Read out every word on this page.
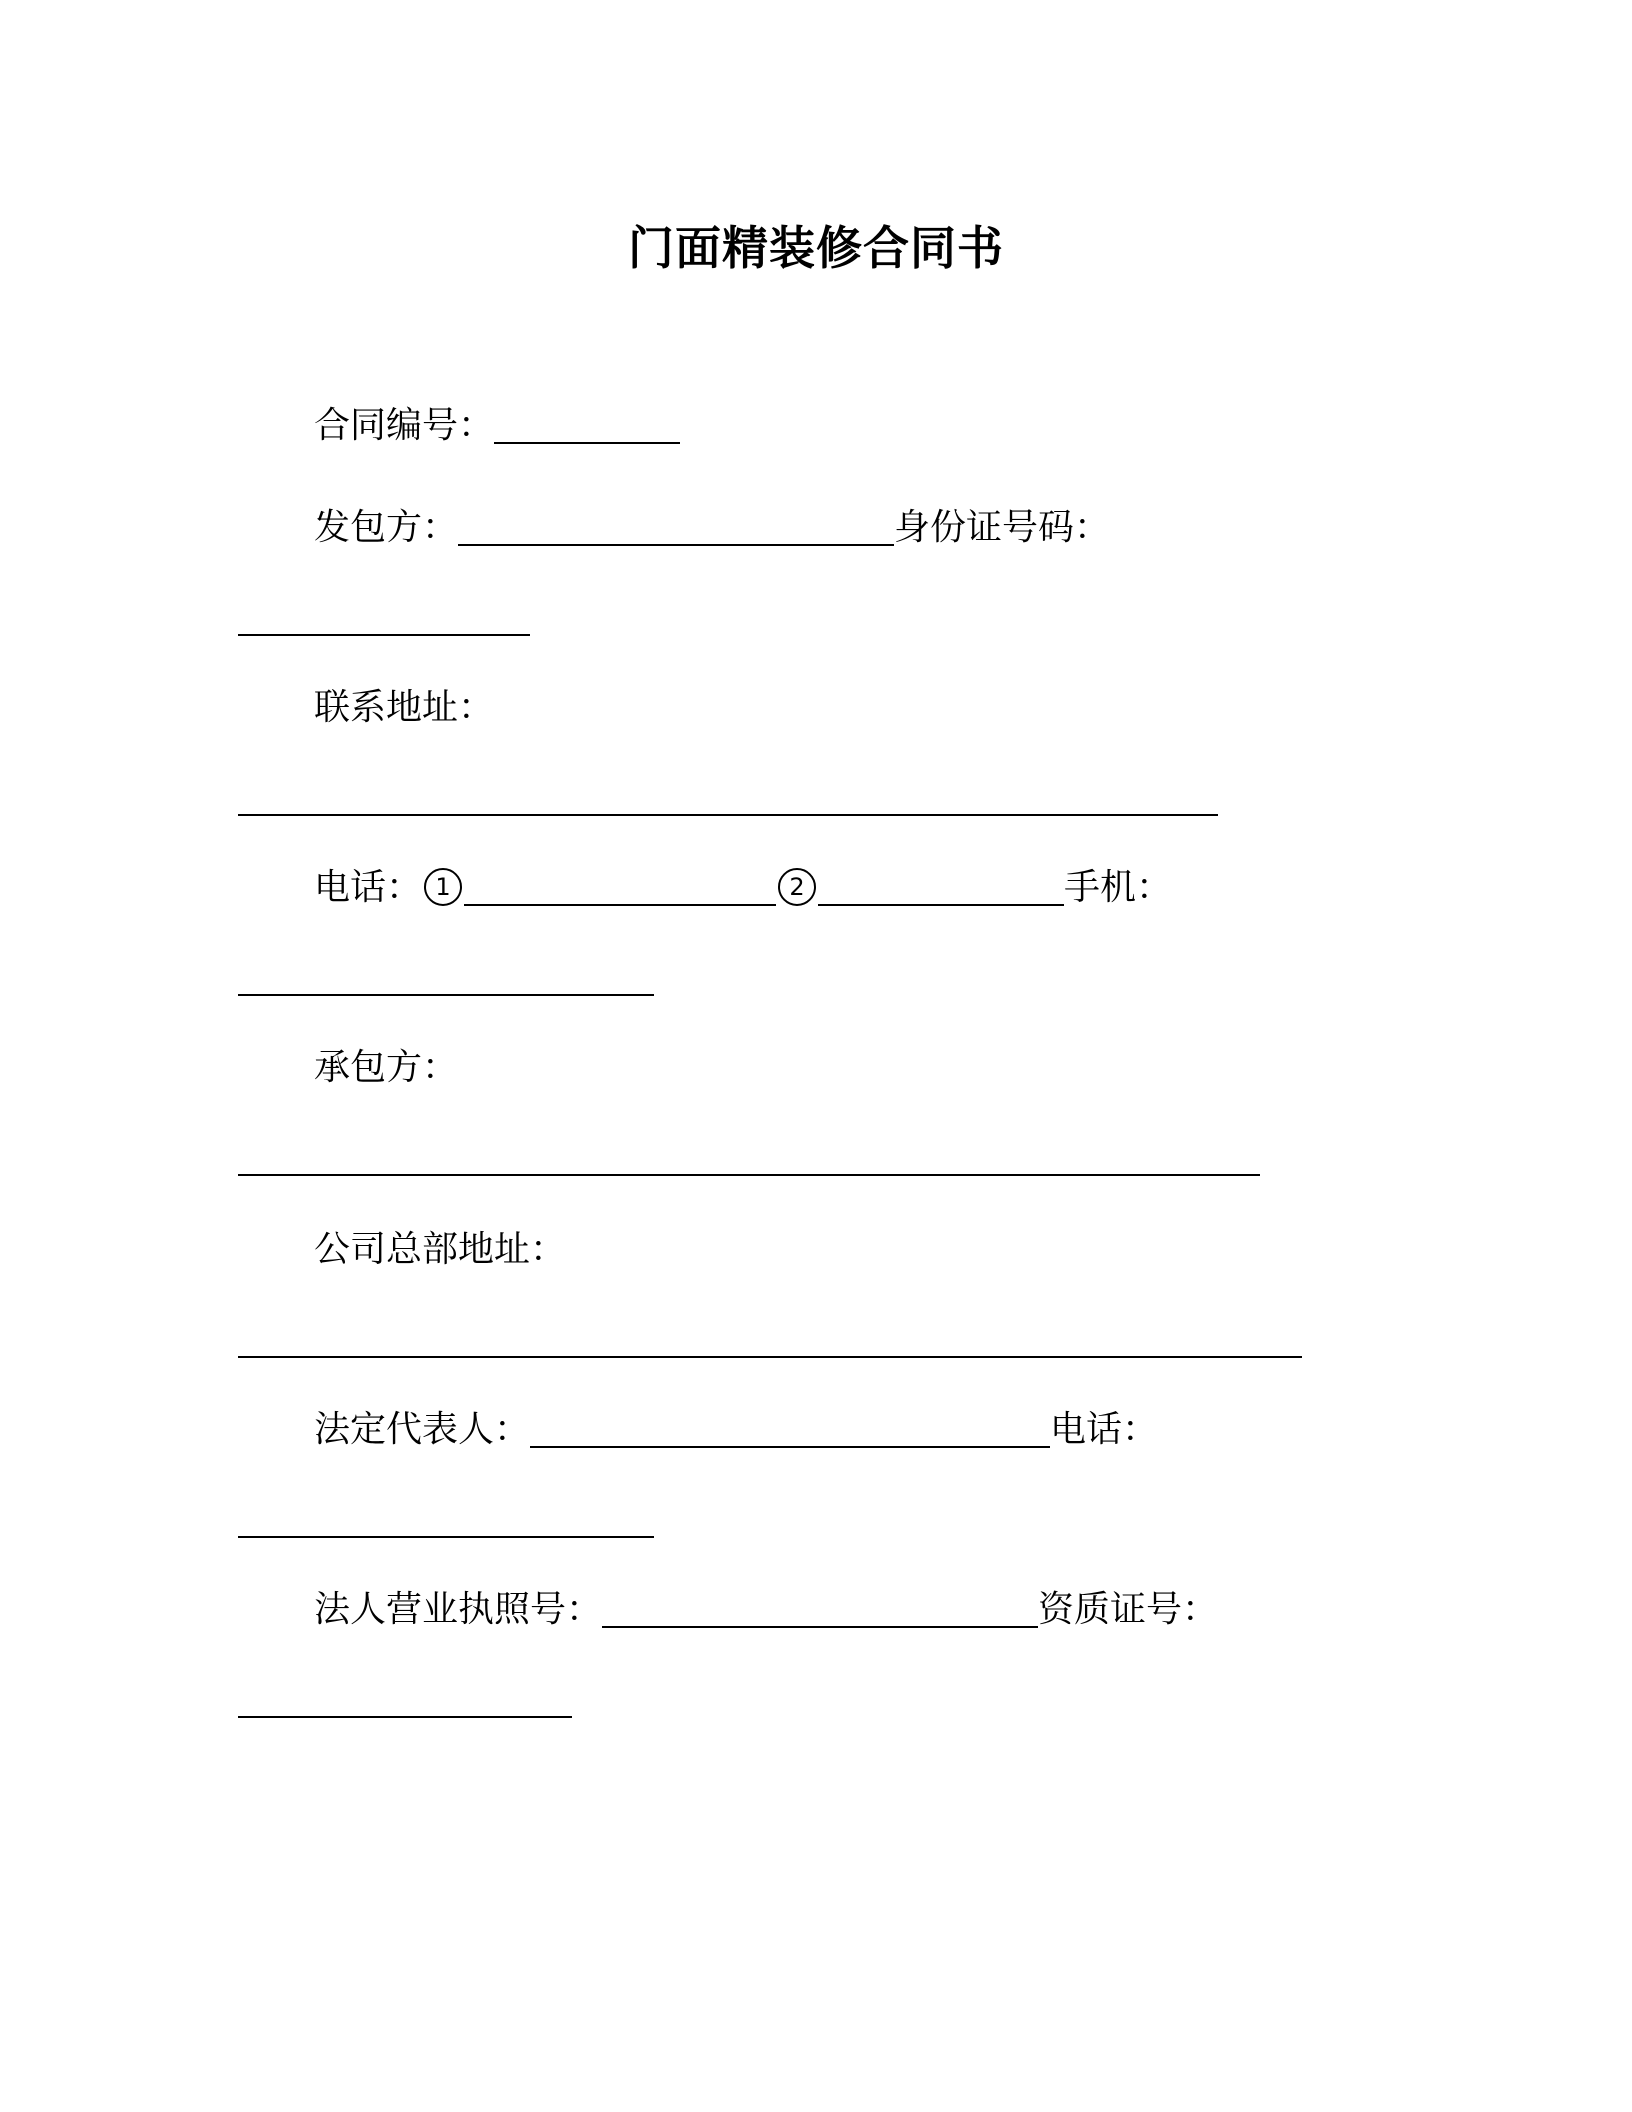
门面精装修合同书
合同编号：
发包方：	身份证号码：
联系地址：
电话： 1	2	手机：
承包方：
公司总部地址：
法定代表人：	电话：
法人营业执照号：	资质证号：
